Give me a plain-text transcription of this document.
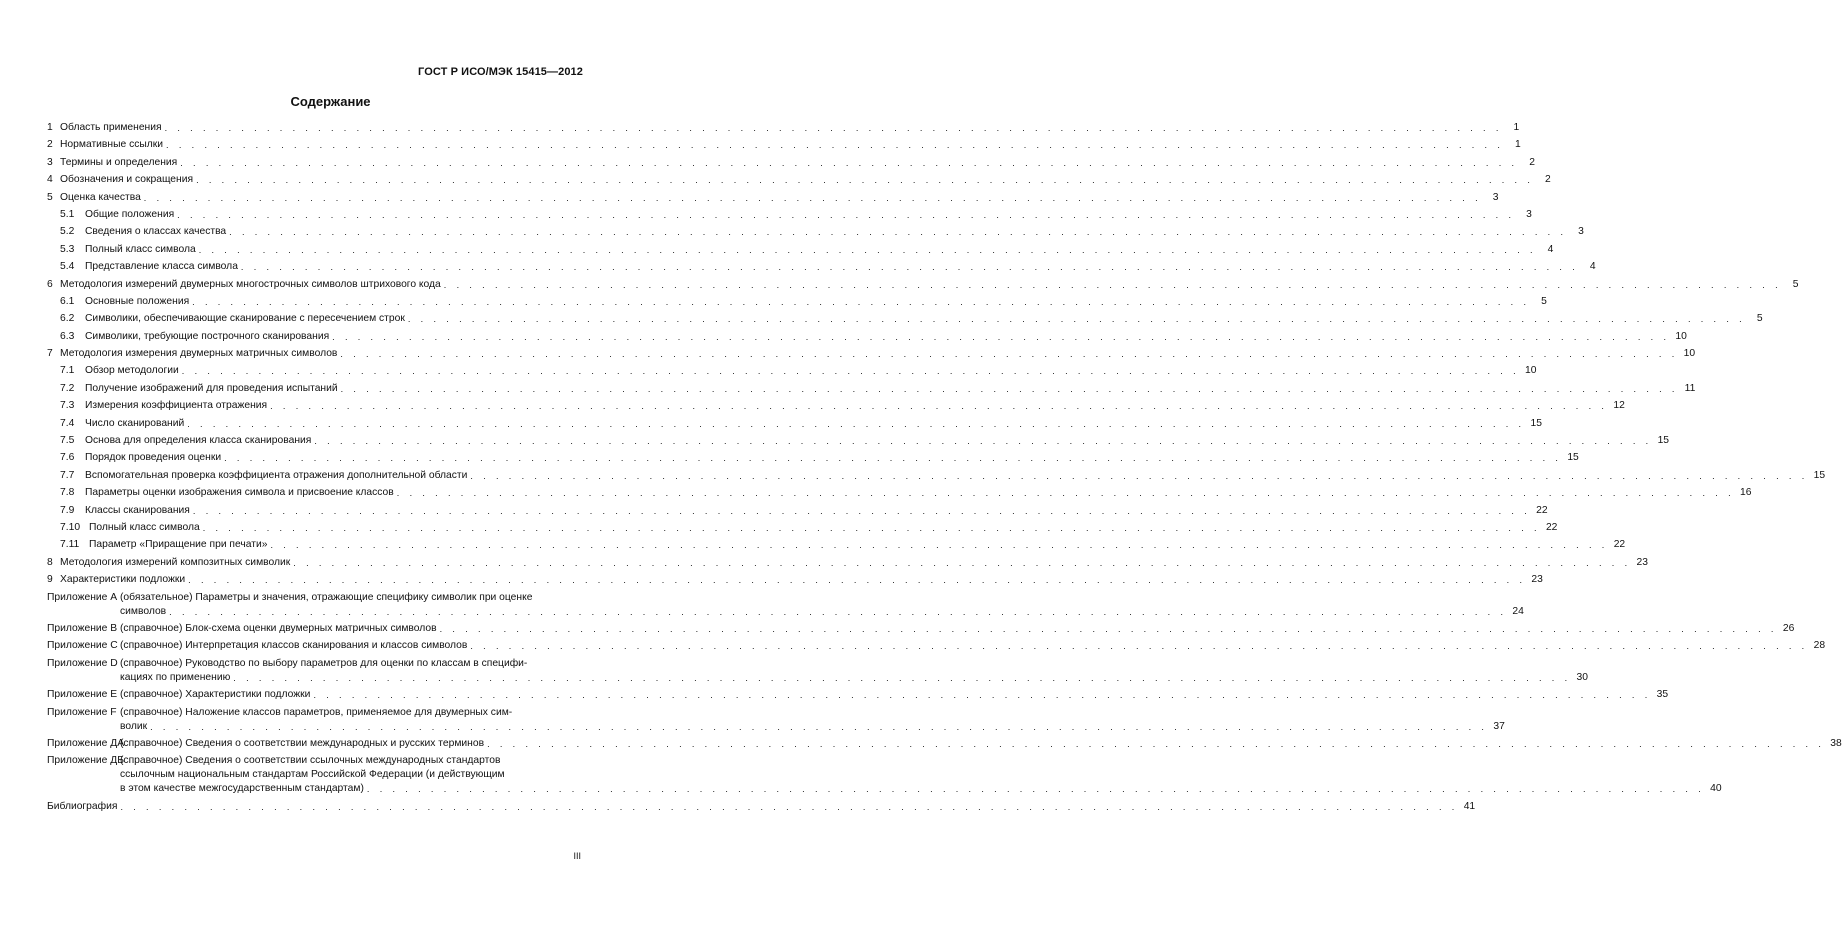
ГОСТ Р ИСО/МЭК 15415—2012
Содержание
1 Область применения . . .	1
2 Нормативные ссылки . . .	1
3 Термины и определения . . .	2
4 Обозначения и сокращения . . .	2
5 Оценка качества . . .	3
5.1	Общие положения . . .	3
5.2	Сведения о классах качества . . .	3
5.3	Полный класс символа . . .	4
5.4	Представление класса символа . . .	4
6 Методология измерений двумерных многострочных символов штрихового кода . . .	5
6.1	Основные положения . . .	5
6.2	Символики, обеспечивающие сканирование с пересечением строк . . .	5
6.3	Символики, требующие построчного сканирования . . .	10
7 Методология измерения двумерных матричных символов . . .	10
7.1	Обзор методологии . . .	10
7.2	Получение изображений для проведения испытаний . . .	11
7.3	Измерения коэффициента отражения . . .	12
7.4	Число сканирований . . .	15
7.5	Основа для определения класса сканирования . . .	15
7.6	Порядок проведения оценки . . .	15
7.7	Вспомогательная проверка коэффициента отражения дополнительной области . . .	15
7.8	Параметры оценки изображения символа и присвоение классов . . .	16
7.9	Классы сканирования . . .	22
7.10 Полный класс символа . . .	22
7.11 Параметр «Приращение при печати» . . .	22
8 Методология измерений композитных символик . . .	23
9 Характеристики подложки . . .	23
Приложение А (обязательное) Параметры и значения, отражающие специфику символик при оценке
символов . . .	24
Приложение В (справочное) Блок-схема оценки двумерных матричных символов . . .	26
Приложение С (справочное) Интерпретация классов сканирования и классов символов . . .	28
Приложение D (справочное) Руководство по выбору параметров для оценки по классам в специфи-
кациях по применению . . .	30
Приложение Е (справочное) Характеристики подложки . . .	35
Приложение F (справочное) Наложение классов параметров, применяемое для двумерных сим-
волик . . .	37
Приложение ДА
(справочное) Сведения о соответствии международных и русских терминов . . .	38
Приложение ДБ
(справочное) Сведения о соответствии ссылочных международных стандартов
ссылочным национальным стандартам Российской Федерации (и действующим
в этом качестве межгосударственным стандартам) . . .	40
Библиография . . .	41
III
